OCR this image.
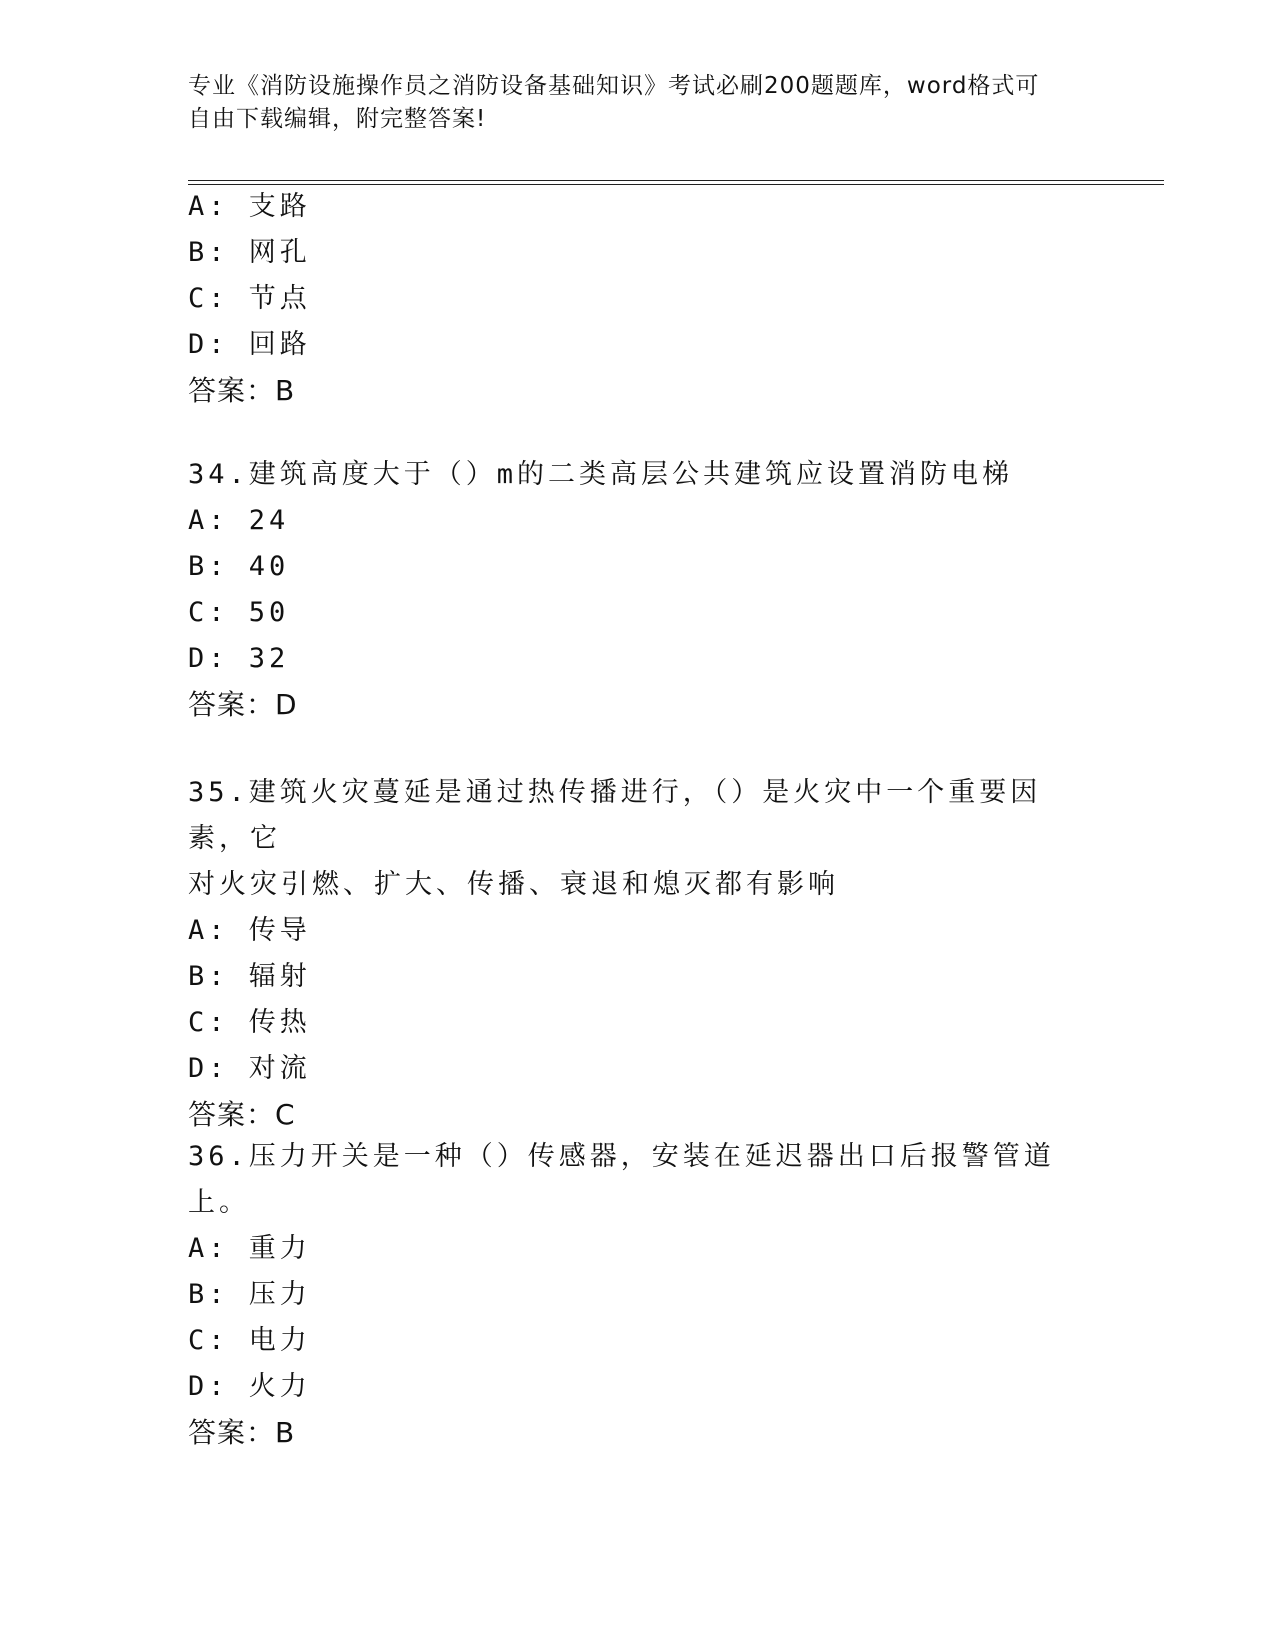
专业《消防设施操作员之消防设备基础知识》考试必刷200题题库，word格式可
自由下载编辑，附完整答案!
A: 支路
B: 网孔
C: 节点
D: 回路
答案：B
34.建筑高度大于（）m的二类高层公共建筑应设置消防电梯
A: 24
B: 40
C: 50
D: 32
答案：D
35.建筑火灾蔓延是通过热传播进行，（）是火灾中一个重要因素，它
对火灾引燃、扩大、传播、衰退和熄灭都有影响
A: 传导
B: 辐射
C: 传热
D: 对流
答案：C
36.压力开关是一种（）传感器，安装在延迟器出口后报警管道上。
A: 重力
B: 压力
C: 电力
D: 火力
答案：B
